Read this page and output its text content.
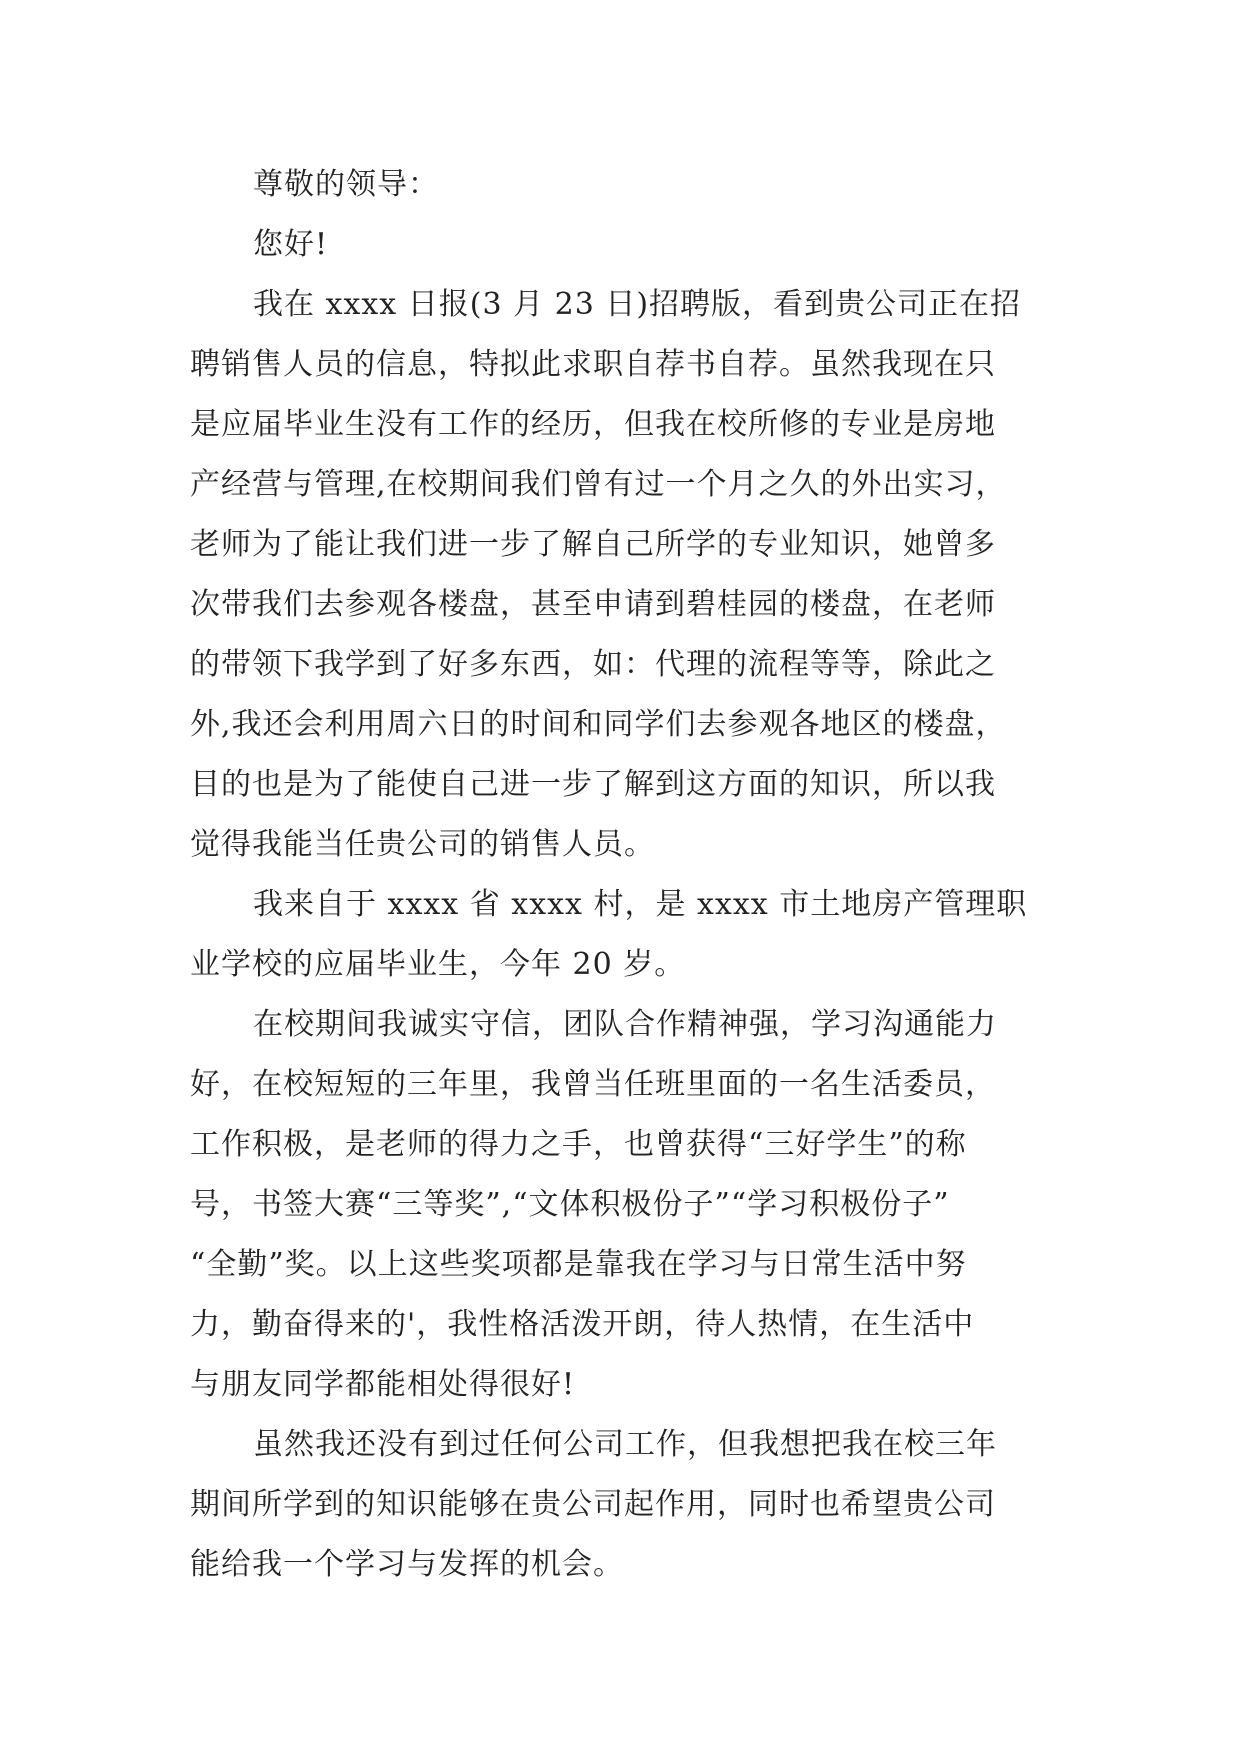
尊敬的领导：
您好!
我在 xxxx 日报(3 月 23 日)招聘版，看到贵公司正在招
聘销售人员的信息，特拟此求职自荐书自荐。虽然我现在只
是应届毕业生没有工作的经历，但我在校所修的专业是房地
产经营与管理,在校期间我们曾有过一个月之久的外出实习，
老师为了能让我们进一步了解自己所学的专业知识，她曾多
次带我们去参观各楼盘，甚至申请到碧桂园的楼盘，在老师
的带领下我学到了好多东西，如：代理的流程等等，除此之
外,我还会利用周六日的时间和同学们去参观各地区的楼盘，
目的也是为了能使自己进一步了解到这方面的知识，所以我
觉得我能当任贵公司的销售人员。
我来自于 xxxx 省 xxxx 村，是 xxxx 市土地房产管理职
业学校的应届毕业生，今年 20 岁。
在校期间我诚实守信，团队合作精神强，学习沟通能力
好，在校短短的三年里，我曾当任班里面的一名生活委员，
工作积极，是老师的得力之手，也曾获得“三好学生”的称
号，书签大赛“三等奖”,“文体积极份子”“学习积极份子”
“全勤”奖。以上这些奖项都是靠我在学习与日常生活中努
力，勤奋得来的'，我性格活泼开朗，待人热情，在生活中
与朋友同学都能相处得很好!
虽然我还没有到过任何公司工作，但我想把我在校三年
期间所学到的知识能够在贵公司起作用，同时也希望贵公司
能给我一个学习与发挥的机会。
